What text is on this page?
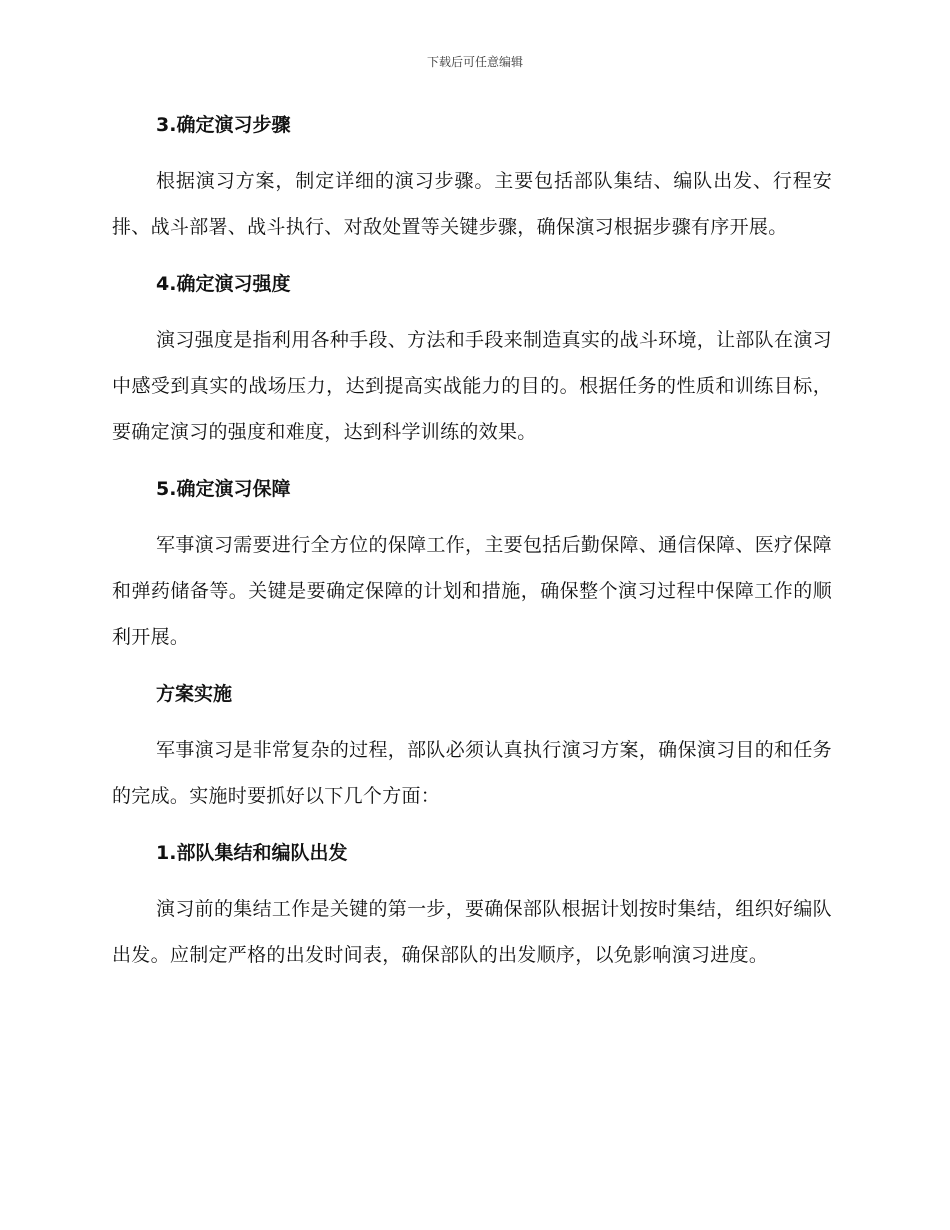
下载后可任意编辑
3.确定演习步骤

根据演习方案，制定详细的演习步骤。主要包括部队集结、编队出发、行程安排、战斗部署、战斗执行、对敌处置等关键步骤，确保演习根据步骤有序开展。

4.确定演习强度

演习强度是指利用各种手段、方法和手段来制造真实的战斗环境，让部队在演习中感受到真实的战场压力，达到提高实战能力的目的。根据任务的性质和训练目标，要确定演习的强度和难度，达到科学训练的效果。

5.确定演习保障

军事演习需要进行全方位的保障工作，主要包括后勤保障、通信保障、医疗保障和弹药储备等。关键是要确定保障的计划和措施，确保整个演习过程中保障工作的顺利开展。

方案实施

军事演习是非常复杂的过程，部队必须认真执行演习方案，确保演习目的和任务的完成。实施时要抓好以下几个方面：

1.部队集结和编队出发

演习前的集结工作是关键的第一步，要确保部队根据计划按时集结，组织好编队出发。应制定严格的出发时间表，确保部队的出发顺序，以免影响演习进度。
